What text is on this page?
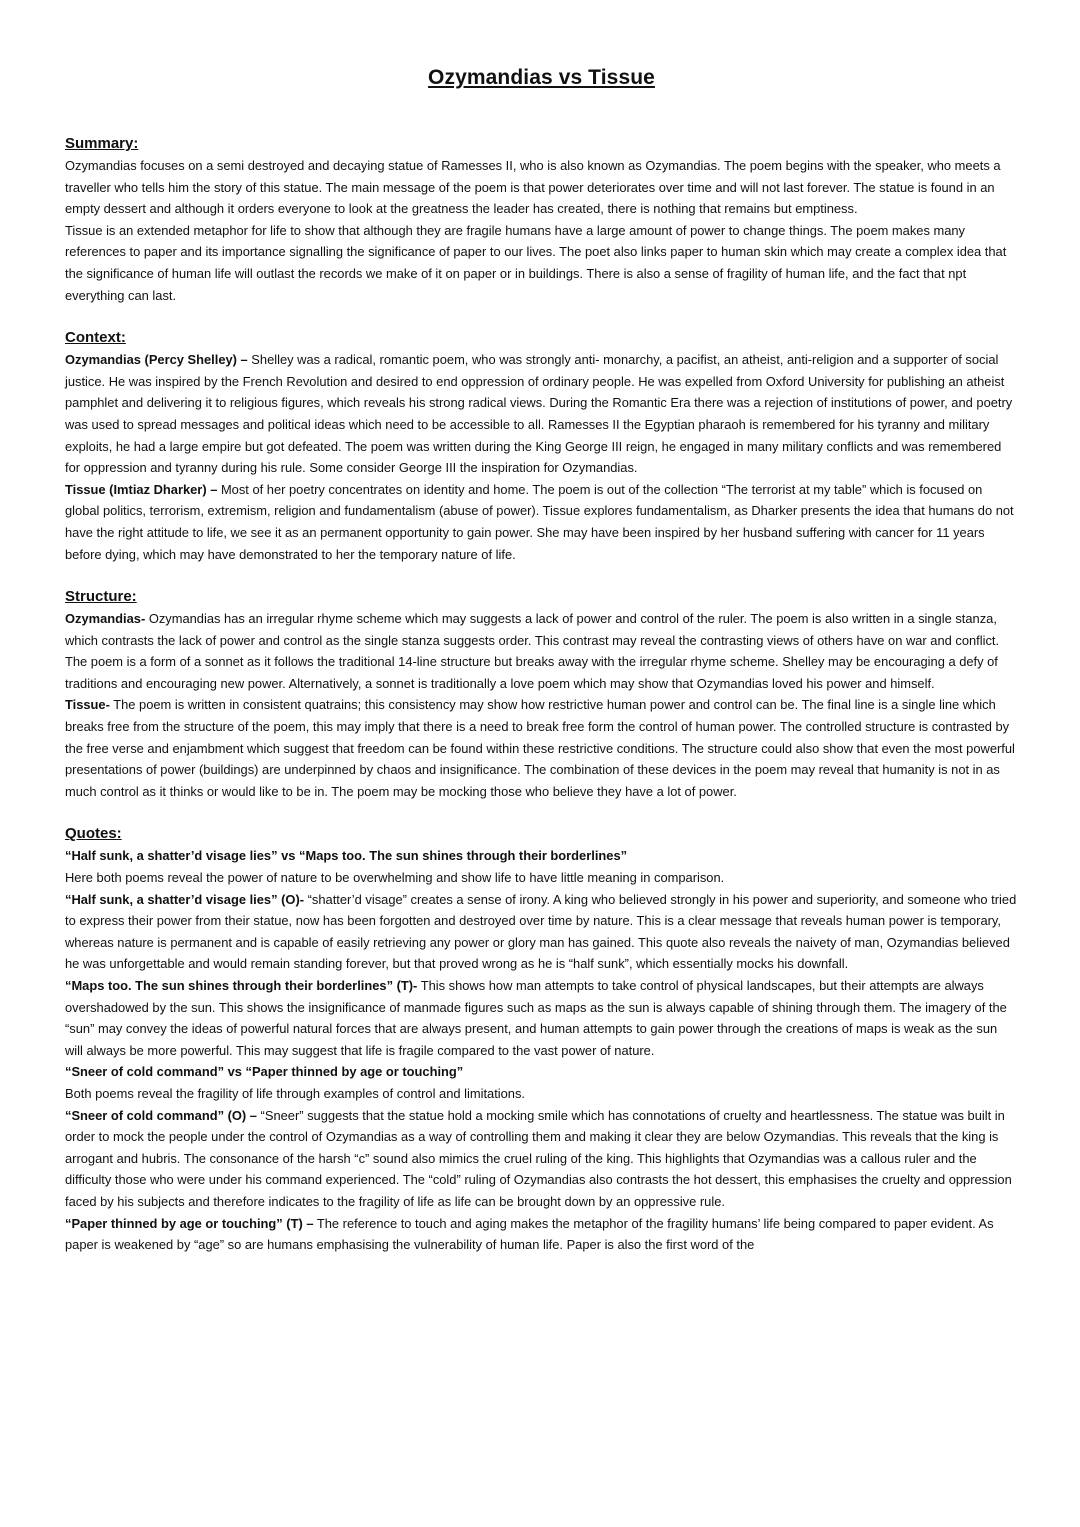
Ozymandias vs Tissue
Summary:

Ozymandias focuses on a semi destroyed and decaying statue of Ramesses II, who is also known as Ozymandias. The poem begins with the speaker, who meets a traveller who tells him the story of this statue. The main message of the poem is that power deteriorates over time and will not last forever. The statue is found in an empty dessert and although it orders everyone to look at the greatness the leader has created, there is nothing that remains but emptiness.

Tissue is an extended metaphor for life to show that although they are fragile humans have a large amount of power to change things. The poem makes many references to paper and its importance signalling the significance of paper to our lives. The poet also links paper to human skin which may create a complex idea that the significance of human life will outlast the records we make of it on paper or in buildings. There is also a sense of fragility of human life, and the fact that npt everything can last.

Context:

Ozymandias (Percy Shelley) – Shelley was a radical, romantic poem, who was strongly anti- monarchy, a pacifist, an atheist, anti-religion and a supporter of social justice. He was inspired by the French Revolution and desired to end oppression of ordinary people. He was expelled from Oxford University for publishing an atheist pamphlet and delivering it to religious figures, which reveals his strong radical views. During the Romantic Era there was a rejection of institutions of power, and poetry was used to spread messages and political ideas which need to be accessible to all. Ramesses II the Egyptian pharaoh is remembered for his tyranny and military exploits, he had a large empire but got defeated. The poem was written during the King George III reign, he engaged in many military conflicts and was remembered for oppression and tyranny during his rule. Some consider George III the inspiration for Ozymandias.

Tissue (Imtiaz Dharker) – Most of her poetry concentrates on identity and home. The poem is out of the collection “The terrorist at my table” which is focused on global politics, terrorism, extremism, religion and fundamentalism (abuse of power). Tissue explores fundamentalism, as Dharker presents the idea that humans do not have the right attitude to life, we see it as an permanent opportunity to gain power. She may have been inspired by her husband suffering with cancer for 11 years before dying, which may have demonstrated to her the temporary nature of life.

Structure:

Ozymandias- Ozymandias has an irregular rhyme scheme which may suggests a lack of power and control of the ruler. The poem is also written in a single stanza, which contrasts the lack of power and control as the single stanza suggests order. This contrast may reveal the contrasting views of others have on war and conflict. The poem is a form of a sonnet as it follows the traditional 14-line structure but breaks away with the irregular rhyme scheme. Shelley may be encouraging a defy of traditions and encouraging new power. Alternatively, a sonnet is traditionally a love poem which may show that Ozymandias loved his power and himself.

Tissue- The poem is written in consistent quatrains; this consistency may show how restrictive human power and control can be. The final line is a single line which breaks free from the structure of the poem, this may imply that there is a need to break free form the control of human power. The controlled structure is contrasted by the free verse and enjambment which suggest that freedom can be found within these restrictive conditions. The structure could also show that even the most powerful presentations of power (buildings) are underpinned by chaos and insignificance. The combination of these devices in the poem may reveal that humanity is not in as much control as it thinks or would like to be in. The poem may be mocking those who believe they have a lot of power.

Quotes:

“Half sunk, a shatter’d visage lies” vs “Maps too. The sun shines through their borderlines”

Here both poems reveal the power of nature to be overwhelming and show life to have little meaning in comparison.

“Half sunk, a shatter’d visage lies” (O)- “shatter’d visage” creates a sense of irony. A king who believed strongly in his power and superiority, and someone who tried to express their power from their statue, now has been forgotten and destroyed over time by nature. This is a clear message that reveals human power is temporary, whereas nature is permanent and is capable of easily retrieving any power or glory man has gained. This quote also reveals the naivety of man, Ozymandias believed he was unforgettable and would remain standing forever, but that proved wrong as he is “half sunk”, which essentially mocks his downfall.

“Maps too. The sun shines through their borderlines” (T)- This shows how man attempts to take control of physical landscapes, but their attempts are always overshadowed by the sun. This shows the insignificance of manmade figures such as maps as the sun is always capable of shining through them. The imagery of the “sun” may convey the ideas of powerful natural forces that are always present, and human attempts to gain power through the creations of maps is weak as the sun will always be more powerful. This may suggest that life is fragile compared to the vast power of nature.

“Sneer of cold command” vs “Paper thinned by age or touching”

Both poems reveal the fragility of life through examples of control and limitations.

“Sneer of cold command” (O) – “Sneer” suggests that the statue hold a mocking smile which has connotations of cruelty and heartlessness. The statue was built in order to mock the people under the control of Ozymandias as a way of controlling them and making it clear they are below Ozymandias. This reveals that the king is arrogant and hubris. The consonance of the harsh “c” sound also mimics the cruel ruling of the king. This highlights that Ozymandias was a callous ruler and the difficulty those who were under his command experienced. The “cold” ruling of Ozymandias also contrasts the hot dessert, this emphasises the cruelty and oppression faced by his subjects and therefore indicates to the fragility of life as life can be brought down by an oppressive rule.

“Paper thinned by age or touching” (T) – The reference to touch and aging makes the metaphor of the fragility humans’ life being compared to paper evident. As paper is weakened by “age” so are humans emphasising the vulnerability of human life. Paper is also the first word of the
